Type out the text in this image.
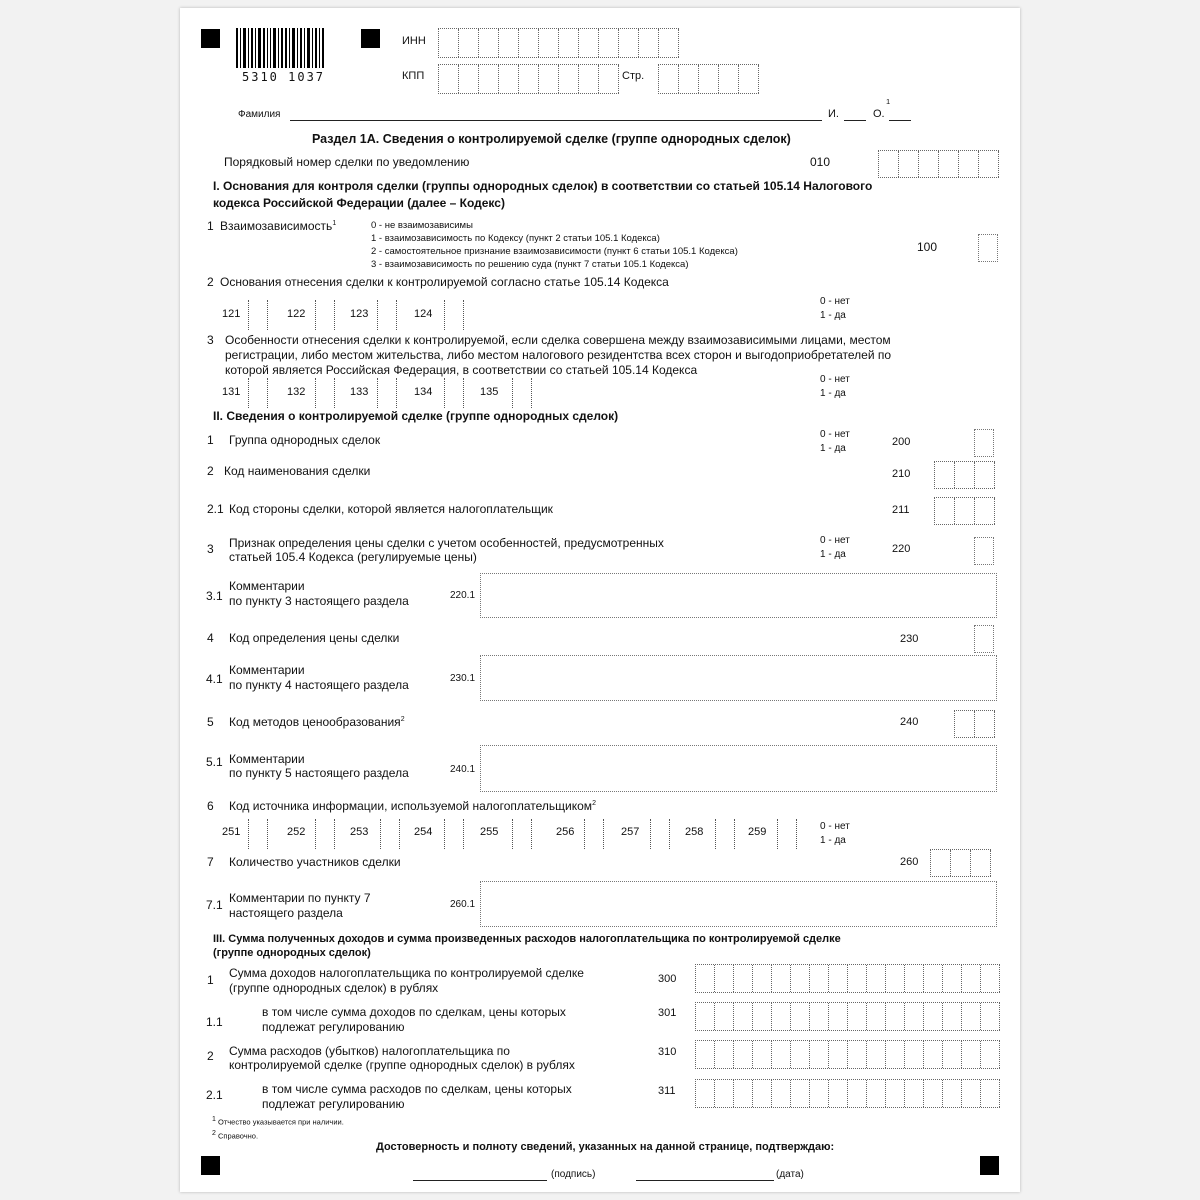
5310 1037
ИНН
КПП	Стр.
Фамилия	И.	О.
1
Раздел 1А. Сведения о контролируемой сделке (группе однородных сделок)
Порядковый номер сделки по уведомлению	010
I. Основания для контроля сделки (группы однородных сделок) в соответствии со статьей 105.14 Налогового
кодекса Российской Федерации (далее – Кодекс)
1 Взаимозависимость$^1$	0 - не взаимозависимы
1 - взаимозависимость по Кодексу (пункт 2 статьи 105.1 Кодекса)
2 - самостоятельное признание взаимозависимости (пункт 6 статьи 105.1 Кодекса)
3 - взаимозависимость по решению суда (пункт 7 статьи 105.1 Кодекса)
100
2 Основания отнесения сделки к контролируемой согласно статье 105.14 Кодекса
121	122	123	124
0 - нет
1 - да
3 Особенности отнесения сделки к контролируемой, если сделка совершена между взаимозависимыми лицами, местом
регистрации, либо местом жительства, либо местом налогового резидентства всех сторон и выгодоприобретателей по
которой является Российская Федерация, в соответствии со статьей 105.14 Кодекса
131	132	133	134	135
0 - нет
1 - да
II. Сведения о контролируемой сделке (группе однородных сделок)
1 Группа однородных сделок	0 - нет
1 - да
200
2 Код наименования сделки	210
2.1 Код стороны сделки, которой является налогоплательщик	211
3 Признак определения цены сделки с учетом особенностей, предусмотренных
статьей 105.4 Кодекса (регулируемые цены)
0 - нет
1 - да	220
3.1
Комментарии
по пункту 3 настоящего раздела	220.1
4 Код определения цены сделки	230
4.1
Комментарии
по пункту 4 настоящего раздела	230.1
5 Код методов ценообразования$^2$	240
5.1 Комментарии
по пункту 5 настоящего раздела	240.1
6 Код источника информации, используемой налогоплательщиком$^2$
251	252	253	254	255	256	257	258	259	0 - нет
1 - да
7 Количество участников сделки	260
7.1 Комментарии по пункту 7
настоящего раздела
260.1
III. Сумма полученных доходов и сумма произведенных расходов налогоплательщика по контролируемой сделке
(группе однородных сделок)
1 Сумма доходов налогоплательщика по контролируемой сделке
(группе однородных сделок) в рублях
300
1.1
в том числе сумма доходов по сделкам, цены которых
подлежат регулированию
301
2 Сумма расходов (убытков) налогоплательщика по
контролируемой сделке (группе однородных сделок) в рублях
310
2.1	в том числе сумма расходов по сделкам, цены которых
подлежат регулированию
311
1 Отчество указывается при наличии.
2 Справочно.
Достоверность и полноту сведений, указанных на данной странице, подтверждаю:
(подпись)	(дата)
